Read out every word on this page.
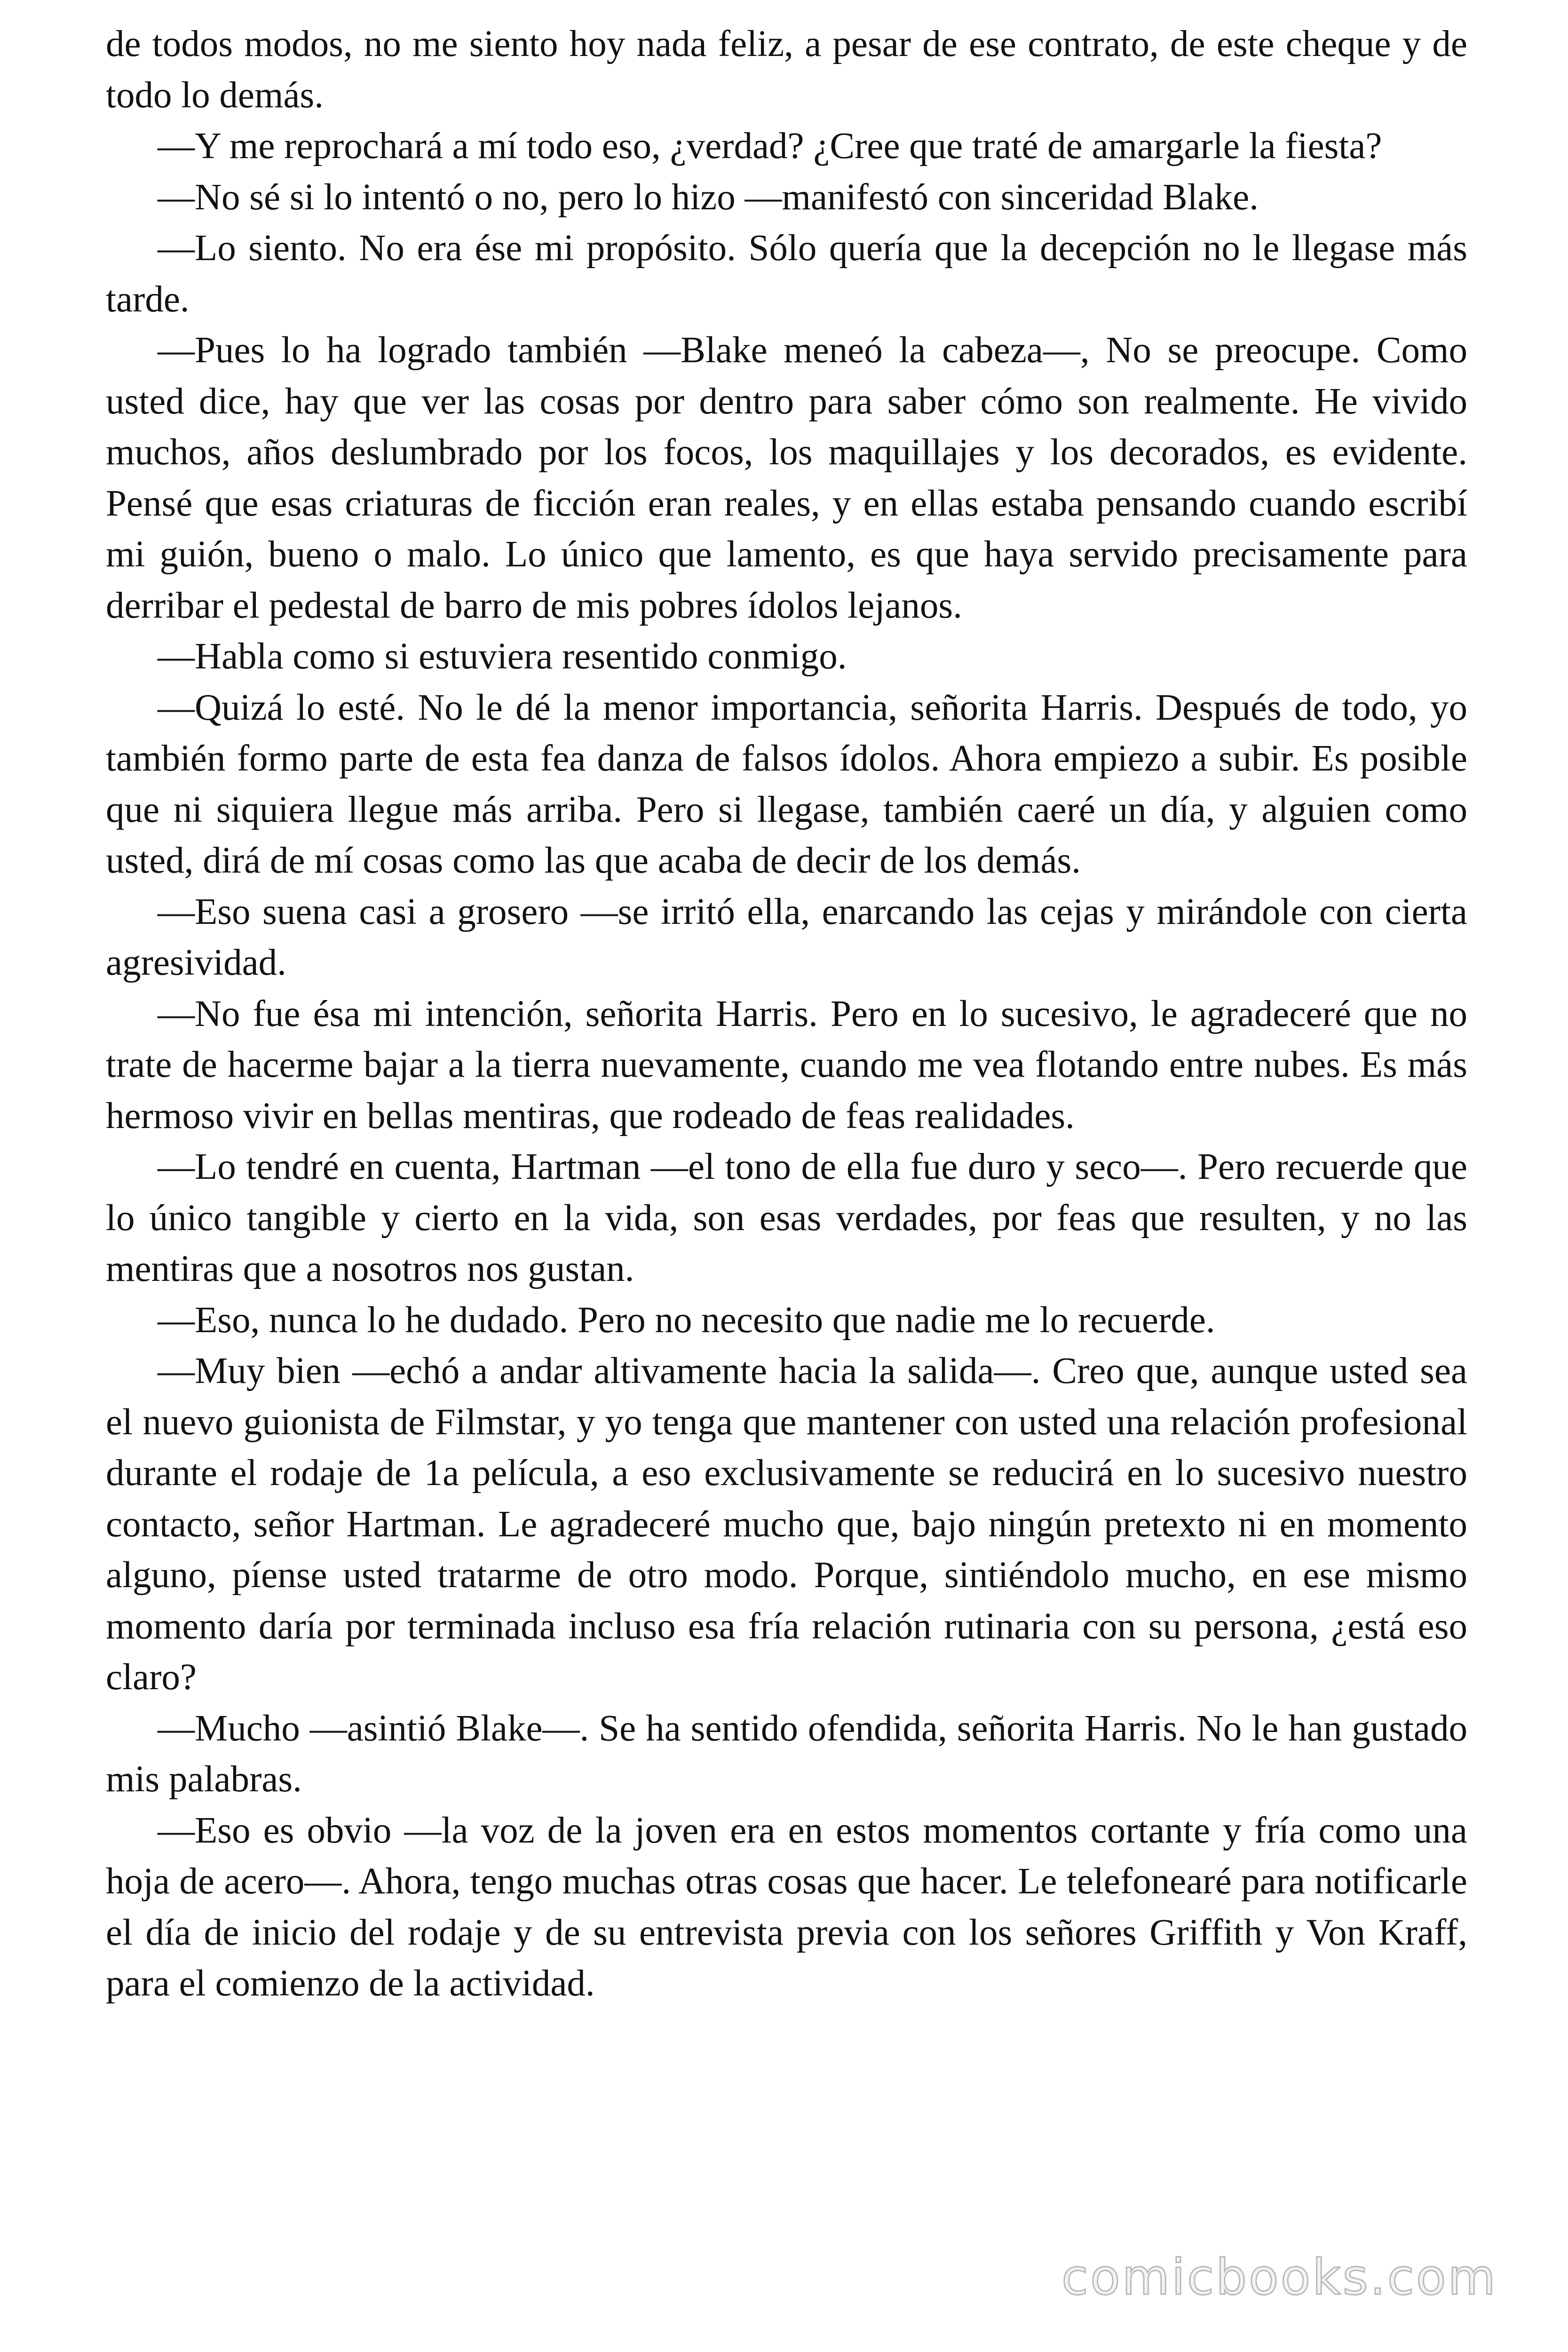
de todos modos, no me siento hoy nada feliz, a pesar de ese contrato, de este cheque y de todo lo demás.

—Y me reprochará a mí todo eso, ¿verdad? ¿Cree que traté de amargarle la fiesta?

—No sé si lo intentó o no, pero lo hizo —manifestó con sinceridad Blake.

—Lo siento. No era ése mi propósito. Sólo quería que la decepción no le llegase más tarde.

—Pues lo ha logrado también —Blake meneó la cabeza—, No se preocupe. Como usted dice, hay que ver las cosas por dentro para saber cómo son realmente. He vivido muchos, años deslumbrado por los focos, los maquillajes y los decorados, es evidente. Pensé que esas criaturas de ficción eran reales, y en ellas estaba pensando cuando escribí mi guión, bueno o malo. Lo único que lamento, es que haya servido precisamente para derribar el pedestal de barro de mis pobres ídolos lejanos.

—Habla como si estuviera resentido conmigo.

—Quizá lo esté. No le dé la menor importancia, señorita Harris. Después de todo, yo también formo parte de esta fea danza de falsos ídolos. Ahora empiezo a subir. Es posible que ni siquiera llegue más arriba. Pero si llegase, también caeré un día, y alguien como usted, dirá de mí cosas como las que acaba de decir de los demás.

—Eso suena casi a grosero —se irritó ella, enarcando las cejas y mirándole con cierta agresividad.

—No fue ésa mi intención, señorita Harris. Pero en lo sucesivo, le agradeceré que no trate de hacerme bajar a la tierra nuevamente, cuando me vea flotando entre nubes. Es más hermoso vivir en bellas mentiras, que rodeado de feas realidades.

—Lo tendré en cuenta, Hartman —el tono de ella fue duro y seco—. Pero recuerde que lo único tangible y cierto en la vida, son esas verdades, por feas que resulten, y no las mentiras que a nosotros nos gustan.

—Eso, nunca lo he dudado. Pero no necesito que nadie me lo recuerde.

—Muy bien —echó a andar altivamente hacia la salida—. Creo que, aunque usted sea el nuevo guionista de Filmstar, y yo tenga que mantener con usted una relación profesional durante el rodaje de 1a película, a eso exclusivamente se reducirá en lo sucesivo nuestro contacto, señor Hartman. Le agradeceré mucho que, bajo ningún pretexto ni en momento alguno, píense usted tratarme de otro modo. Porque, sintiéndolo mucho, en ese mismo momento daría por terminada incluso esa fría relación rutinaria con su persona, ¿está eso claro?

—Mucho —asintió Blake—. Se ha sentido ofendida, señorita Harris. No le han gustado mis palabras.

—Eso es obvio —la voz de la joven era en estos momentos cortante y fría como una hoja de acero—. Ahora, tengo muchas otras cosas que hacer. Le telefonearé para notificarle el día de inicio del rodaje y de su entrevista previa con los señores Griffith y Von Kraff, para el comienzo de la actividad.

comicbooks.com
